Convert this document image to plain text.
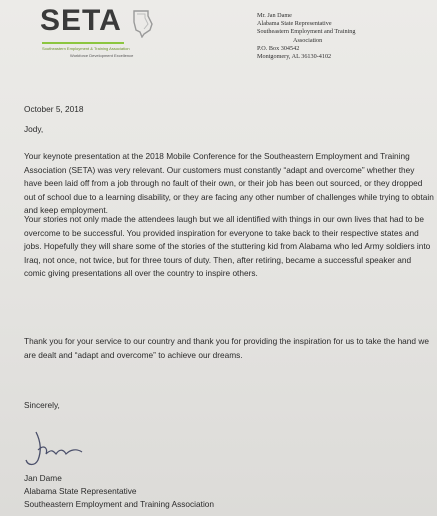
SETA
Southeastern Employment & Training Association
Workforce Development Excellence
Mr. Jan Dame
Alabama State Representative
Southeastern Employment and Training
Association
P.O. Box 304542
Montgomery, AL 36130-4102

October 5, 2018

Jody,

Your keynote presentation at the 2018 Mobile Conference for the Southeastern Employment and Training Association (SETA) was very relevant. Our customers must constantly “adapt and overcome” whether they have been laid off from a job through no fault of their own, or their job has been out sourced, or they dropped out of school due to a learning disability, or they are facing any other number of challenges while trying to obtain and keep employment.

Your stories not only made the attendees laugh but we all identified with things in our own lives that had to be overcome to be successful. You provided inspiration for everyone to take back to their respective states and jobs. Hopefully they will share some of the stories of the stuttering kid from Alabama who led Army soldiers into Iraq, not once, not twice, but for three tours of duty. Then, after retiring, became a successful speaker and comic giving presentations all over the country to inspire others.

Thank you for your service to our country and thank you for providing the inspiration for us to take the hand we are dealt and “adapt and overcome” to achieve our dreams.

Sincerely,

Jan Dame
Alabama State Representative
Southeastern Employment and Training Association
